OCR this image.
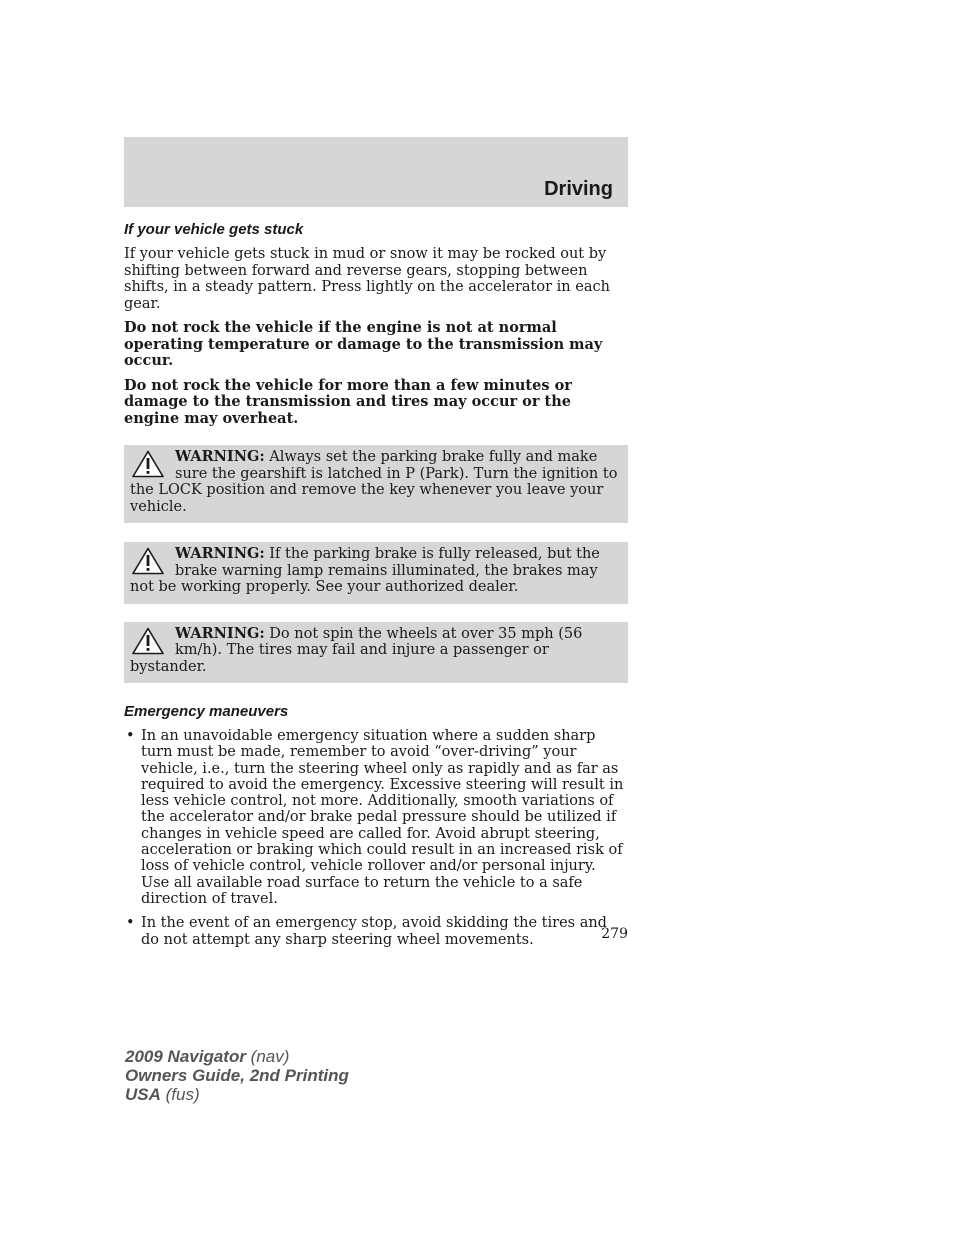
Driving
If your vehicle gets stuck

If your vehicle gets stuck in mud or snow it may be rocked out by shifting between forward and reverse gears, stopping between shifts, in a steady pattern. Press lightly on the accelerator in each gear.

Do not rock the vehicle if the engine is not at normal operating temperature or damage to the transmission may occur.

Do not rock the vehicle for more than a few minutes or damage to the transmission and tires may occur or the engine may overheat.

WARNING: Always set the parking brake fully and make sure the gearshift is latched in P (Park). Turn the ignition to the LOCK position and remove the key whenever you leave your vehicle.
WARNING: If the parking brake is fully released, but the brake warning lamp remains illuminated, the brakes may not be working properly. See your authorized dealer.
WARNING: Do not spin the wheels at over 35 mph (56 km/h). The tires may fail and injure a passenger or bystander.
Emergency maneuvers
• In an unavoidable emergency situation where a sudden sharp turn must be made, remember to avoid “over-driving” your vehicle, i.e., turn the steering wheel only as rapidly and as far as required to avoid the emergency. Excessive steering will result in less vehicle control, not more. Additionally, smooth variations of the accelerator and/or brake pedal pressure should be utilized if changes in vehicle speed are called for. Avoid abrupt steering, acceleration or braking which could result in an increased risk of loss of vehicle control, vehicle rollover and/or personal injury. Use all available road surface to return the vehicle to a safe direction of travel.
• In the event of an emergency stop, avoid skidding the tires and do not attempt any sharp steering wheel movements.	279
2009 Navigator (nav)
Owners Guide, 2nd Printing
USA (fus)
